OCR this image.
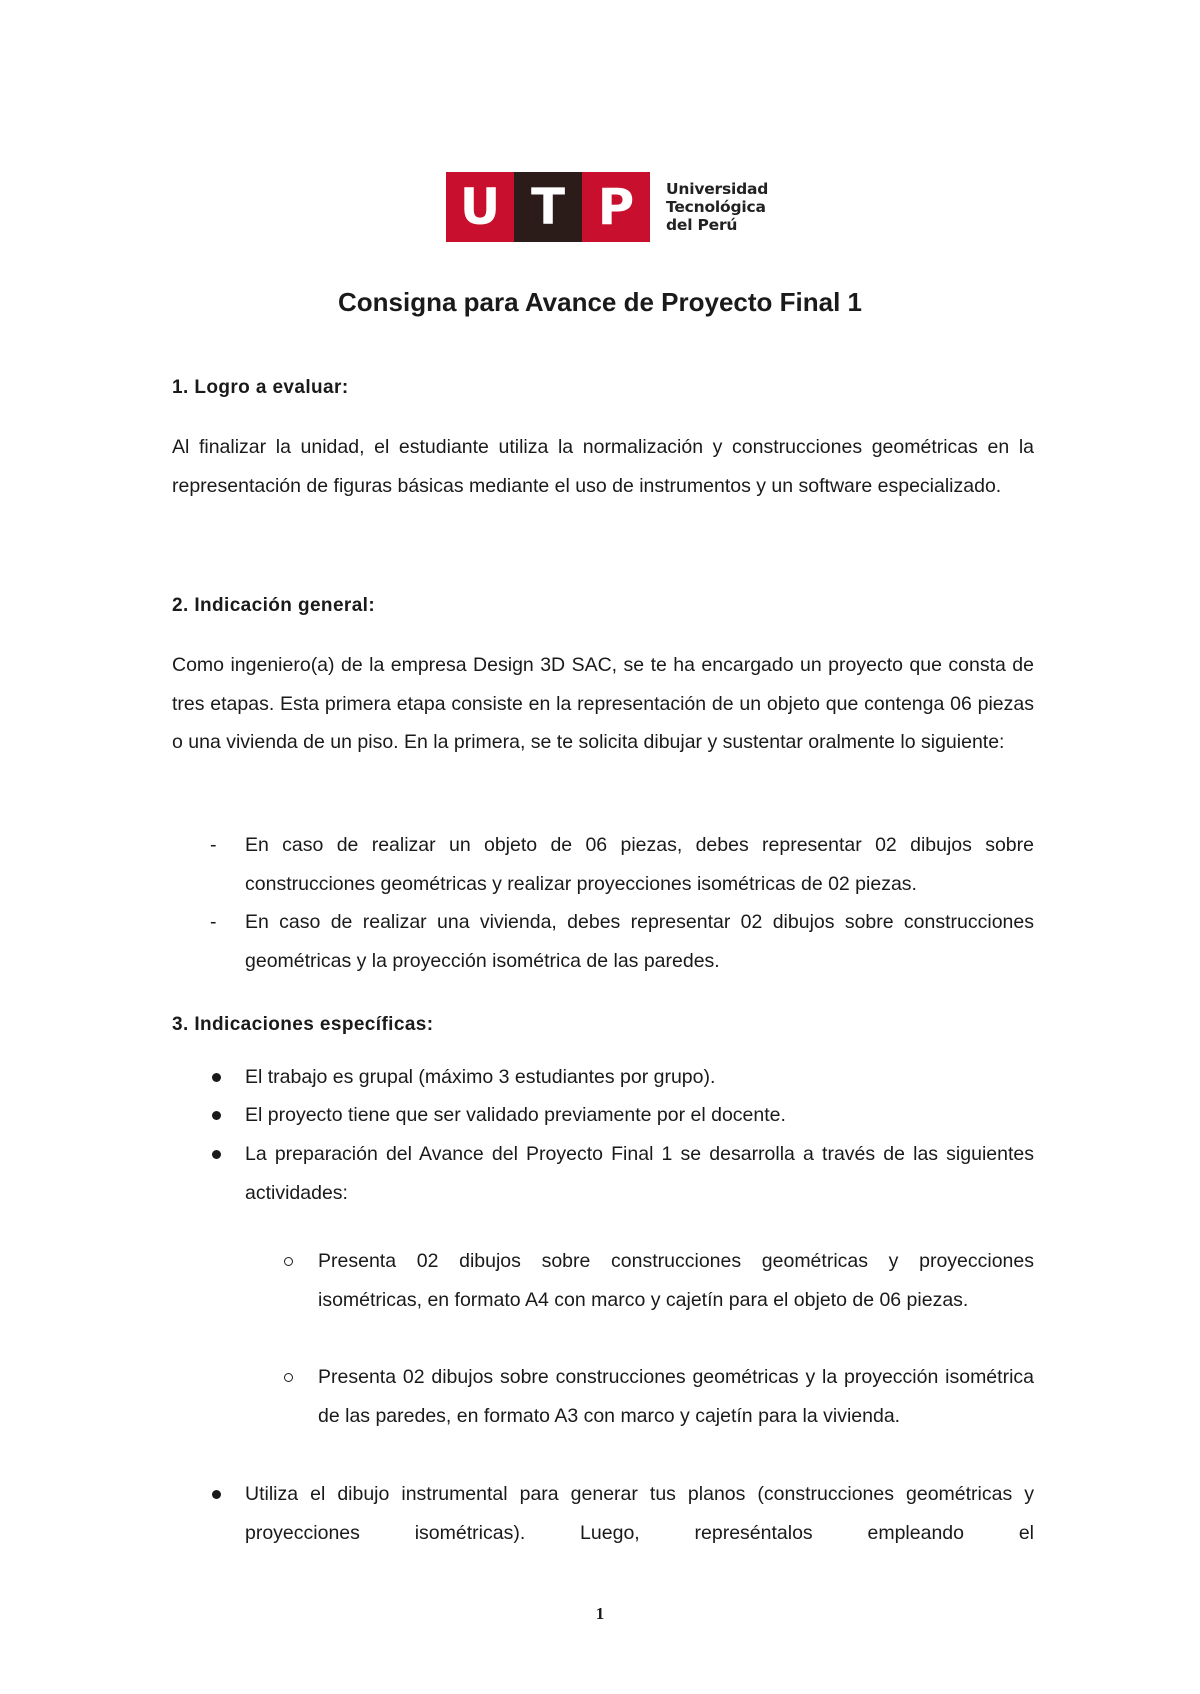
U T P	Universidad
Tecnológica
del Perú
Consigna para Avance de Proyecto Final 1
1. Logro a evaluar:

Al finalizar la unidad, el estudiante utiliza la normalización y construcciones geométricas en la representación de figuras básicas mediante el uso de instrumentos y un software especializado.

2. Indicación general:

Como ingeniero(a) de la empresa Design 3D SAC, se te ha encargado un proyecto que consta de tres etapas. Esta primera etapa consiste en la representación de un objeto que contenga 06 piezas o una vivienda de un piso. En la primera, se te solicita dibujar y sustentar oralmente lo siguiente:

- En caso de realizar un objeto de 06 piezas, debes representar 02 dibujos sobre construcciones geométricas y realizar proyecciones isométricas de 02 piezas.

- En caso de realizar una vivienda, debes representar 02 dibujos sobre construcciones geométricas y la proyección isométrica de las paredes.

3. Indicaciones específicas:

El trabajo es grupal (máximo 3 estudiantes por grupo).

El proyecto tiene que ser validado previamente por el docente.

La preparación del Avance del Proyecto Final 1 se desarrolla a través de las siguientes actividades:

Presenta 02 dibujos sobre construcciones geométricas y proyecciones isométricas, en formato A4 con marco y cajetín para el objeto de 06 piezas.

Presenta 02 dibujos sobre construcciones geométricas y la proyección isométrica de las paredes, en formato A3 con marco y cajetín para la vivienda.

Utiliza el dibujo instrumental para generar tus planos (construcciones geométricas y proyecciones isométricas). Luego, represéntalos empleando el

1
